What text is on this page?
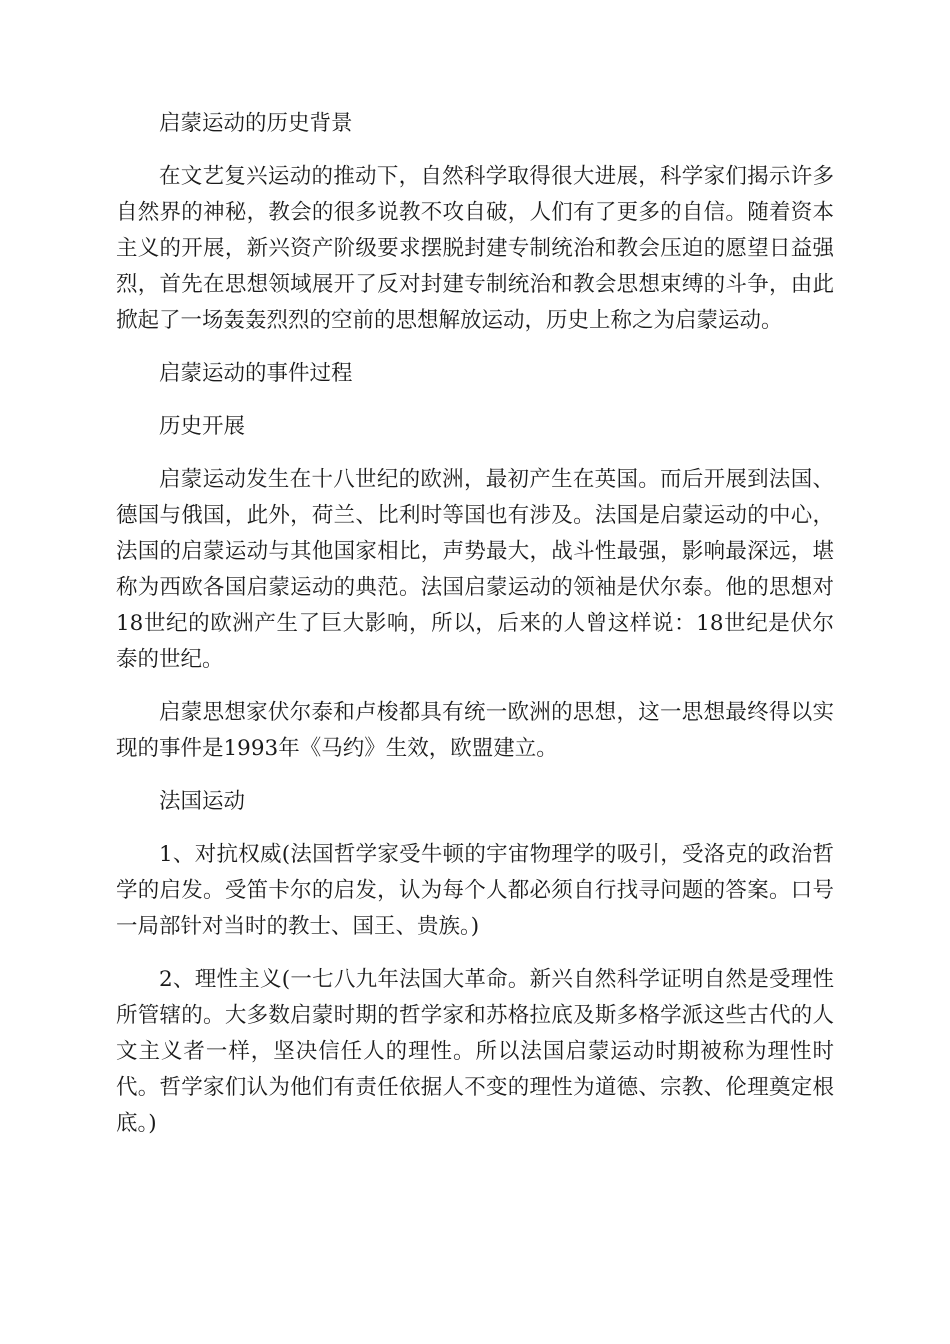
启蒙运动的历史背景

在文艺复兴运动的推动下，自然科学取得很大进展，科学家们揭示许多自然界的神秘，教会的很多说教不攻自破，人们有了更多的自信。随着资本主义的开展，新兴资产阶级要求摆脱封建专制统治和教会压迫的愿望日益强烈，首先在思想领域展开了反对封建专制统治和教会思想束缚的斗争，由此掀起了一场轰轰烈烈的空前的思想解放运动，历史上称之为启蒙运动。

启蒙运动的事件过程

历史开展

启蒙运动发生在十八世纪的欧洲，最初产生在英国。而后开展到法国、德国与俄国，此外，荷兰、比利时等国也有涉及。法国是启蒙运动的中心，法国的启蒙运动与其他国家相比，声势最大，战斗性最强，影响最深远，堪称为西欧各国启蒙运动的典范。法国启蒙运动的领袖是伏尔泰。他的思想对18世纪的欧洲产生了巨大影响，所以，后来的人曾这样说：18世纪是伏尔泰的世纪。

启蒙思想家伏尔泰和卢梭都具有统一欧洲的思想，这一思想最终得以实现的事件是1993年《马约》生效，欧盟建立。

法国运动

1、对抗权威(法国哲学家受牛顿的宇宙物理学的吸引，受洛克的政治哲学的启发。受笛卡尔的启发，认为每个人都必须自行找寻问题的答案。口号一局部针对当时的教士、国王、贵族。)

2、理性主义(一七八九年法国大革命。新兴自然科学证明自然是受理性所管辖的。大多数启蒙时期的哲学家和苏格拉底及斯多格学派这些古代的人文主义者一样，坚决信任人的理性。所以法国启蒙运动时期被称为理性时代。哲学家们认为他们有责任依据人不变的理性为道德、宗教、伦理奠定根底。)
